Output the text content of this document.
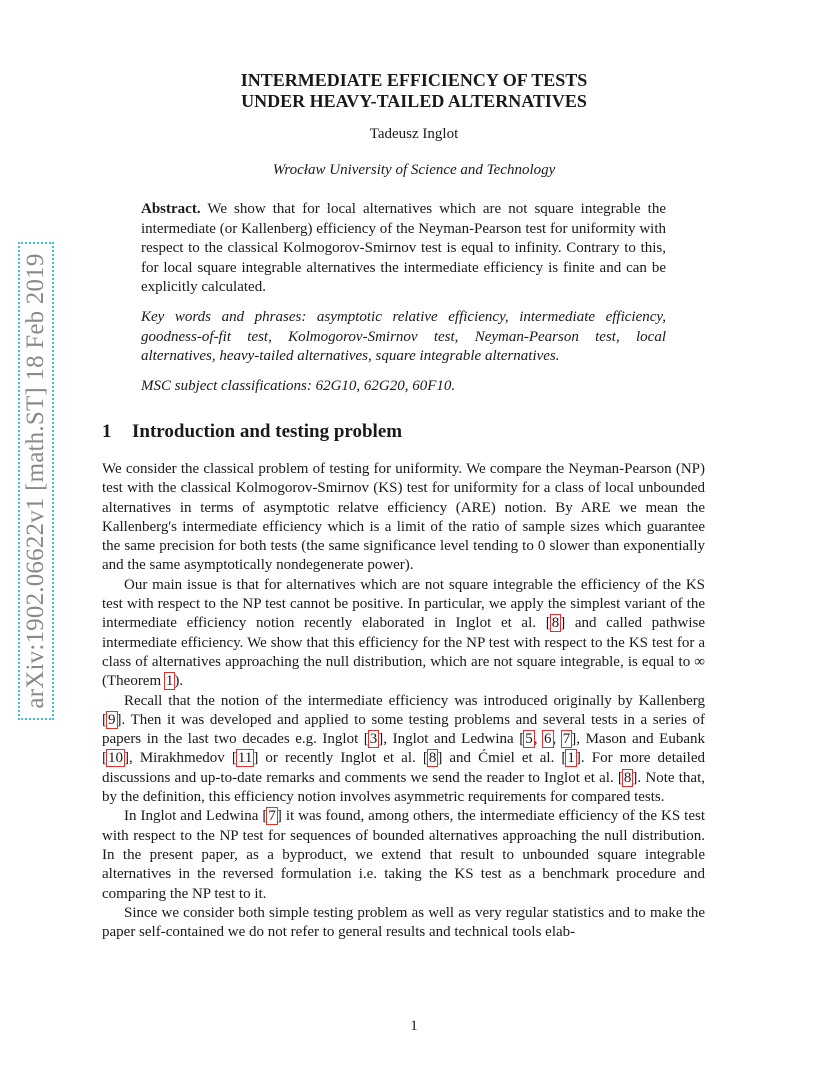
arXiv:1902.06622v1 [math.ST] 18 Feb 2019
INTERMEDIATE EFFICIENCY OF TESTS
UNDER HEAVY-TAILED ALTERNATIVES
Tadeusz Inglot
Wrocław University of Science and Technology

Abstract. We show that for local alternatives which are not square integrable the intermediate (or Kallenberg) efficiency of the Neyman-Pearson test for uniformity with respect to the classical Kolmogorov-Smirnov test is equal to infinity. Contrary to this, for local square integrable alternatives the intermediate efficiency is finite and can be explicitly calculated.

Key words and phrases: asymptotic relative efficiency, intermediate efficiency, goodness-of-fit test, Kolmogorov-Smirnov test, Neyman-Pearson test, local alternatives, heavy-tailed alternatives, square integrable alternatives.

MSC subject classifications: 62G10, 62G20, 60F10.

1 Introduction and testing problem

We consider the classical problem of testing for uniformity. We compare the Neyman-Pearson (NP) test with the classical Kolmogorov-Smirnov (KS) test for uniformity for a class of local unbounded alternatives in terms of asymptotic relatve efficiency (ARE) notion. By ARE we mean the Kallenberg's intermediate efficiency which is a limit of the ratio of sample sizes which guarantee the same precision for both tests (the same significance level tending to 0 slower than exponentially and the same asymptotically nondegenerate power).

Our main issue is that for alternatives which are not square integrable the efficiency of the KS test with respect to the NP test cannot be positive. In particular, we apply the simplest variant of the intermediate efficiency notion recently elaborated in Inglot et al. [8] and called pathwise intermediate efficiency. We show that this efficiency for the NP test with respect to the KS test for a class of alternatives approaching the null distribution, which are not square integrable, is equal to ∞ (Theorem 1).

Recall that the notion of the intermediate efficiency was introduced originally by Kallenberg [9]. Then it was developed and applied to some testing problems and several tests in a series of papers in the last two decades e.g. Inglot [3], Inglot and Ledwina [5, 6, 7], Mason and Eubank [10], Mirakhmedov [11] or recently Inglot et al. [8] and Ćmiel et al. [1]. For more detailed discussions and up-to-date remarks and comments we send the reader to Inglot et al. [8]. Note that, by the definition, this efficiency notion involves asymmetric requirements for compared tests.

In Inglot and Ledwina [7] it was found, among others, the intermediate efficiency of the KS test with respect to the NP test for sequences of bounded alternatives approaching the null distribution. In the present paper, as a byproduct, we extend that result to unbounded square integrable alternatives in the reversed formulation i.e. taking the KS test as a benchmark procedure and comparing the NP test to it.

Since we consider both simple testing problem as well as very regular statistics and to make the paper self-contained we do not refer to general results and technical tools elab-

1
